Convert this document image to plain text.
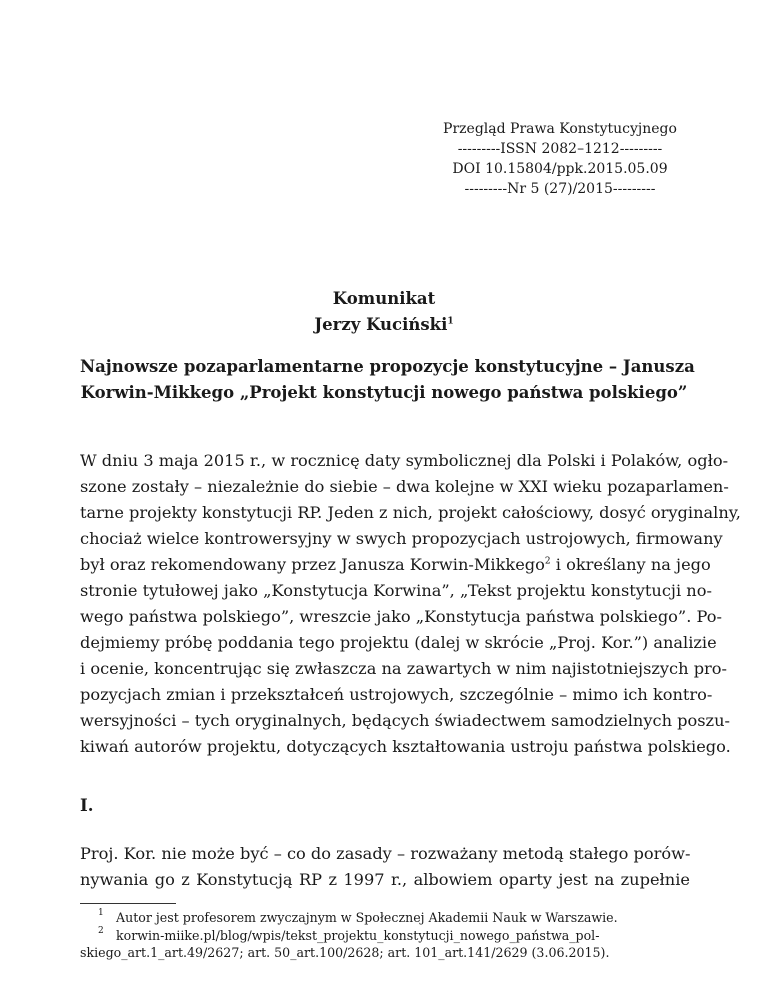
Przegląd Prawa Konstytucyjnego
---------ISSN 2082–1212---------
DOI 10.15804/ppk.2015.05.09
---------Nr 5 (27)/2015---------
Komunikat
Jerzy Kuciński$^1$
Najnowsze pozaparlamentarne propozycje konstytucyjne – Janusza
Korwin-Mikkego „Projekt konstytucji nowego państwa polskiego”
W dniu 3 maja 2015 r., w rocznicę daty symbolicznej dla Polski i Polaków, ogło-
szone zostały – niezależnie do siebie – dwa kolejne w XXI wieku pozaparlamen-
tarne projekty konstytucji RP. Jeden z nich, projekt całościowy, dosyć oryginalny,
chociaż wielce kontrowersyjny w swych propozycjach ustrojowych, firmowany
był oraz rekomendowany przez Janusza Korwin-Mikkego$^2$ i określany na jego
stronie tytułowej jako „Konstytucja Korwina”, „Tekst projektu konstytucji no-
wego państwa polskiego”, wreszcie jako „Konstytucja państwa polskiego”. Po-
dejmiemy próbę poddania tego projektu (dalej w skrócie „Proj. Kor.”) analizie
i ocenie, koncentrując się zwłaszcza na zawartych w nim najistotniejszych pro-
pozycjach zmian i przekształceń ustrojowych, szczególnie – mimo ich kontro-
wersyjności – tych oryginalnych, będących świadectwem samodzielnych poszu-
kiwań autorów projektu, dotyczących kształtowania ustroju państwa polskiego.
I.
Proj. Kor. nie może być – co do zasady – rozważany metodą stałego porów-
nywania go z Konstytucją RP z 1997 r., albowiem oparty jest na zupełnie
1 Autor jest profesorem zwyczajnym w Społecznej Akademii Nauk w Warszawie.
2 korwin-miike.pl/blog/wpis/tekst_projektu_konstytucji_nowego_państwa_pol-
skiego_art.1_art.49/2627; art. 50_art.100/2628; art. 101_art.141/2629 (3.06.2015).
